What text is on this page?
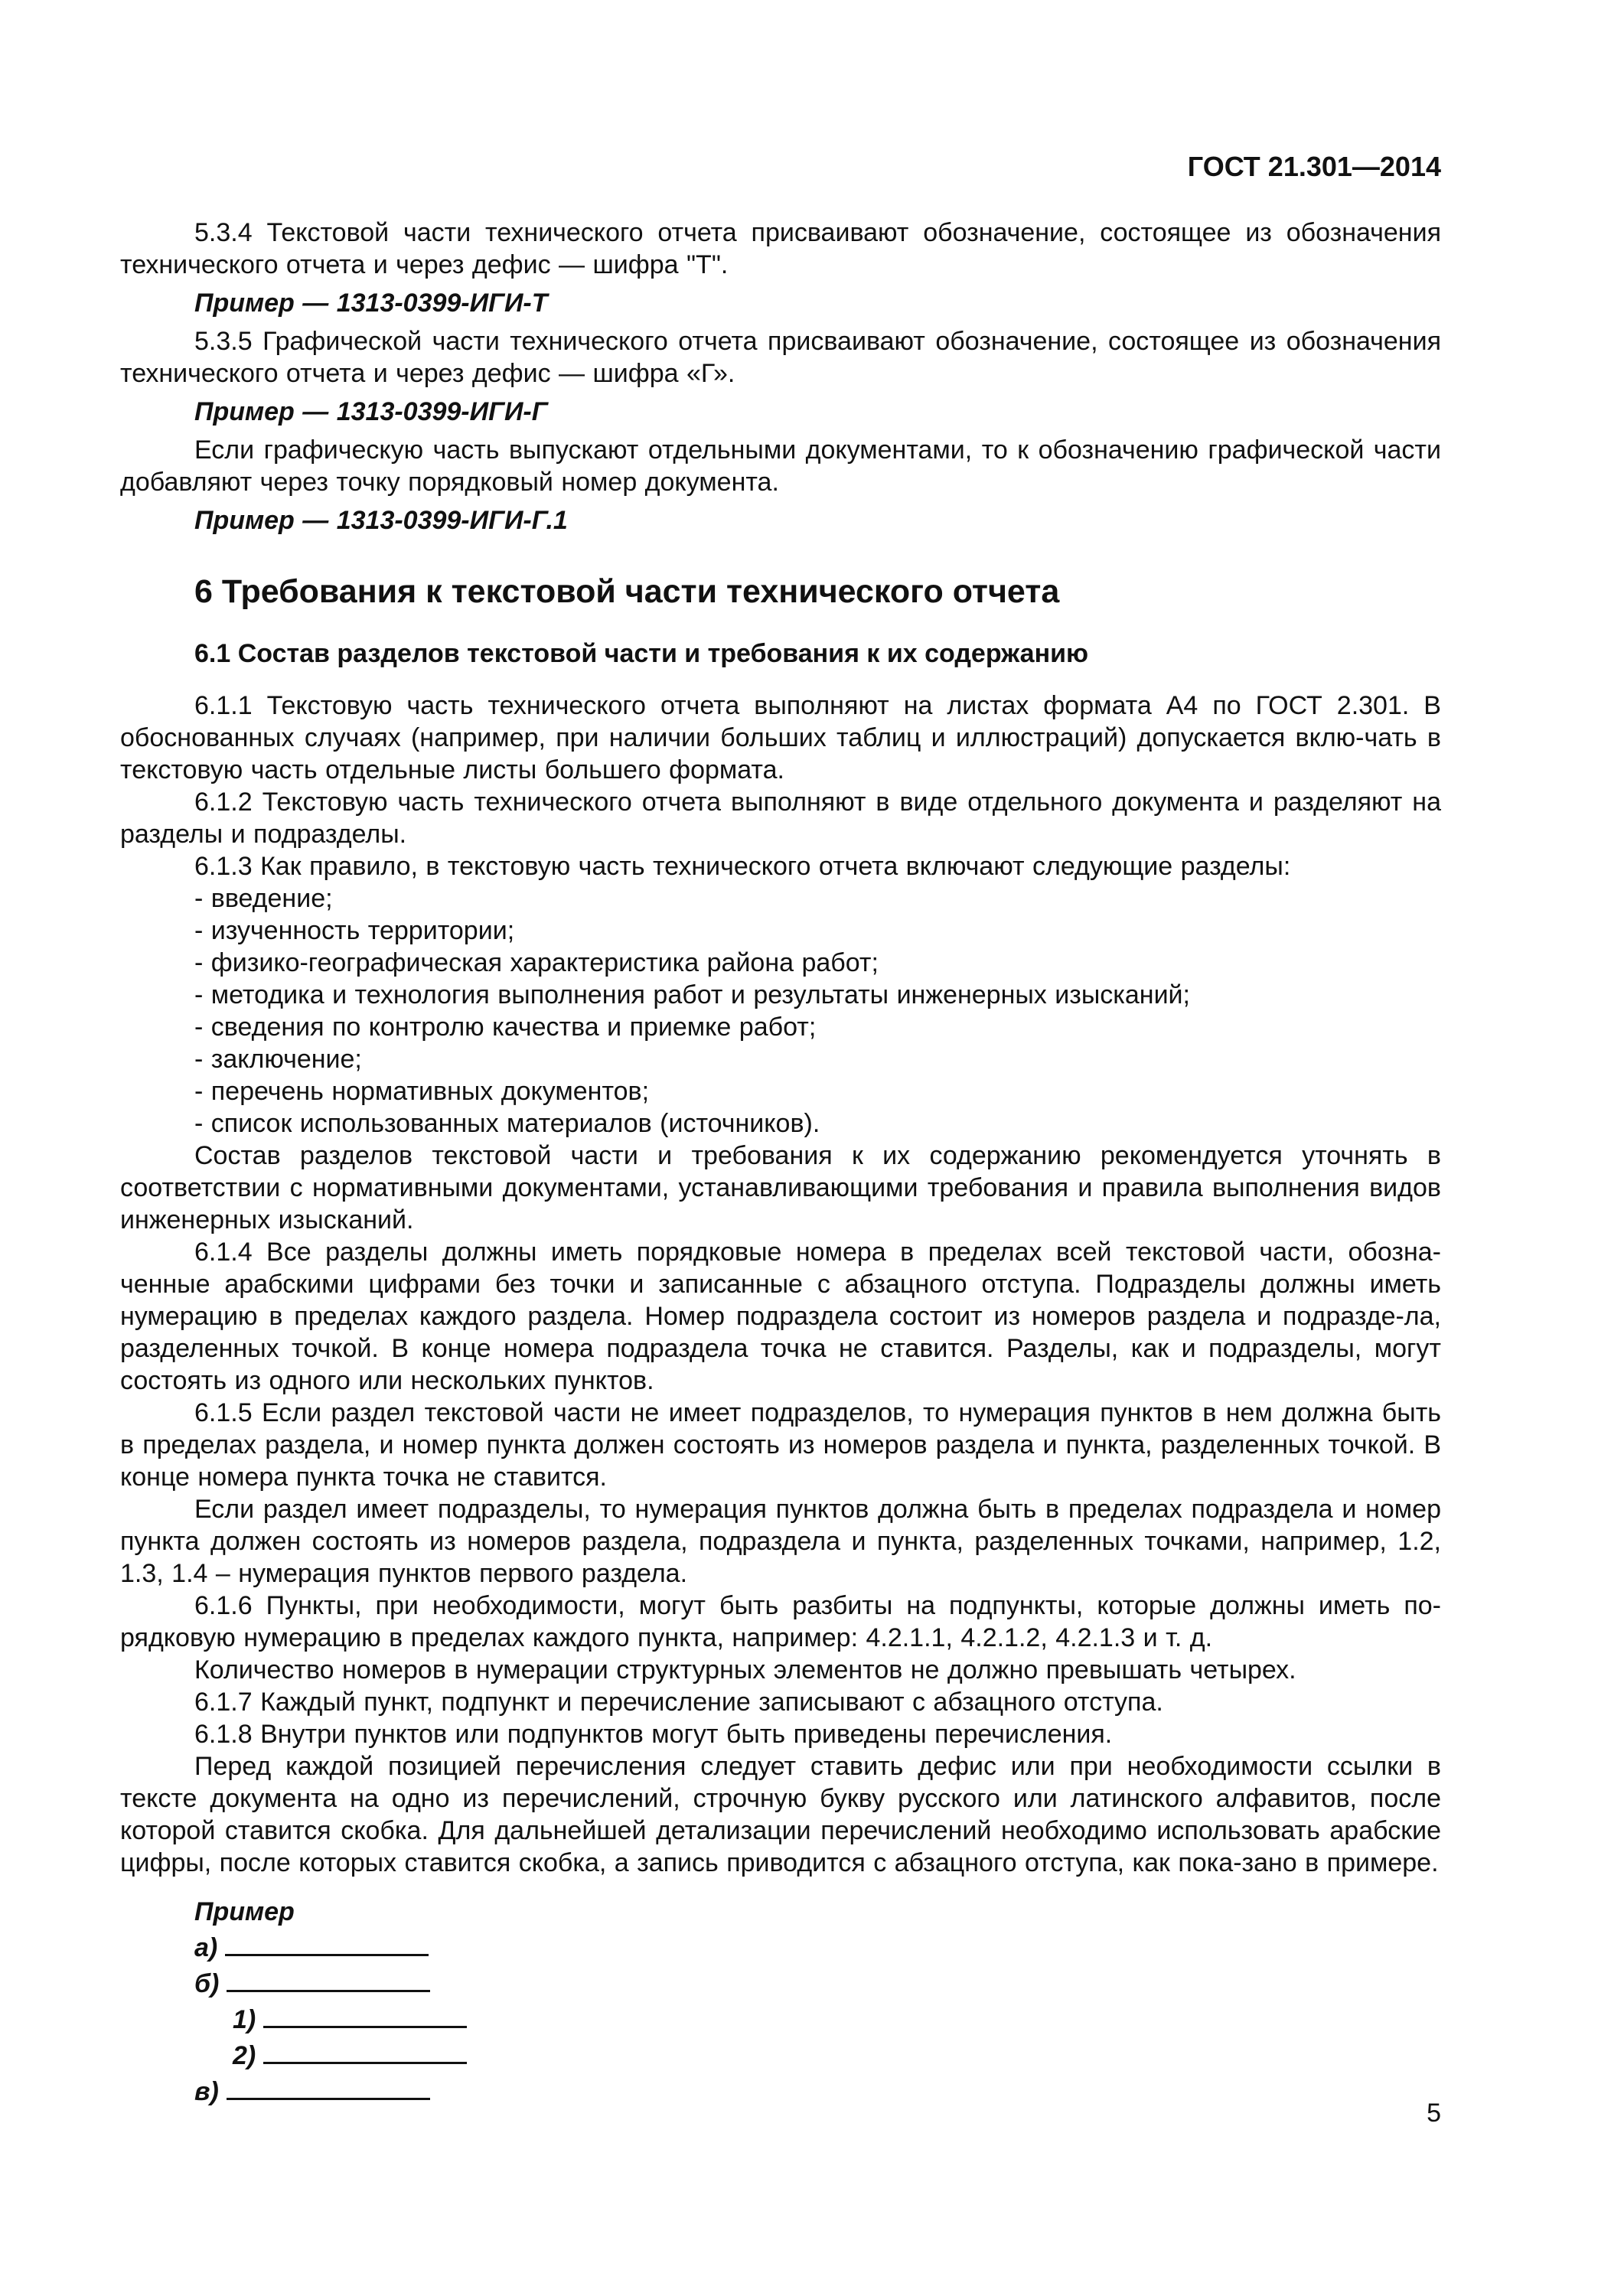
ГОСТ 21.301—2014

5.3.4 Текстовой части технического отчета присваивают обозначение, состоящее из обозначения технического отчета и через дефис — шифра "Т".

Пример — 1313-0399-ИГИ-Т

5.3.5 Графической части технического отчета присваивают обозначение, состоящее из обозначения технического отчета и через дефис — шифра «Г».

Пример — 1313-0399-ИГИ-Г

Если графическую часть выпускают отдельными документами, то к обозначению графической части добавляют через точку порядковый номер документа.

Пример — 1313-0399-ИГИ-Г.1

6 Требования к текстовой части технического отчета
6.1 Состав разделов текстовой части и требования к их содержанию

6.1.1 Текстовую часть технического отчета выполняют на листах формата А4 по ГОСТ 2.301. В обоснованных случаях (например, при наличии больших таблиц и иллюстраций) допускается вклю-чать в текстовую часть отдельные листы большего формата.

6.1.2 Текстовую часть технического отчета выполняют в виде отдельного документа и разделяют на разделы и подразделы.

6.1.3 Как правило, в текстовую часть технического отчета включают следующие разделы:

- введение;

- изученность территории;

- физико-географическая характеристика района работ;

- методика и технология выполнения работ и результаты инженерных изысканий;

- сведения по контролю качества и приемке работ;

- заключение;

- перечень нормативных документов;

- список использованных материалов (источников).

Состав разделов текстовой части и требования к их содержанию рекомендуется уточнять в соответствии с нормативными документами, устанавливающими требования и правила выполнения видов инженерных изысканий.

6.1.4 Все разделы должны иметь порядковые номера в пределах всей текстовой части, обозна-ченные арабскими цифрами без точки и записанные с абзацного отступа. Подразделы должны иметь нумерацию в пределах каждого раздела. Номер подраздела состоит из номеров раздела и подразде-ла, разделенных точкой. В конце номера подраздела точка не ставится. Разделы, как и подразделы, могут состоять из одного или нескольких пунктов.

6.1.5 Если раздел текстовой части не имеет подразделов, то нумерация пунктов в нем должна быть в пределах раздела, и номер пункта должен состоять из номеров раздела и пункта, разделенных точкой. В конце номера пункта точка не ставится.

Если раздел имеет подразделы, то нумерация пунктов должна быть в пределах подраздела и номер пункта должен состоять из номеров раздела, подраздела и пункта, разделенных точками, например, 1.2, 1.3, 1.4 – нумерация пунктов первого раздела.

6.1.6 Пункты, при необходимости, могут быть разбиты на подпункты, которые должны иметь по-рядковую нумерацию в пределах каждого пункта, например: 4.2.1.1, 4.2.1.2, 4.2.1.3 и т. д.

Количество номеров в нумерации структурных элементов не должно превышать четырех.

6.1.7 Каждый пункт, подпункт и перечисление записывают с абзацного отступа.

6.1.8 Внутри пунктов или подпунктов могут быть приведены перечисления.

Перед каждой позицией перечисления следует ставить дефис или при необходимости ссылки в тексте документа на одно из перечислений, строчную букву русского или латинского алфавитов, после которой ставится скобка. Для дальнейшей детализации перечислений необходимо использовать арабские цифры, после которых ставится скобка, а запись приводится с абзацного отступа, как пока-зано в примере.

Пример
а)
б)
1)
2)
в)
5
